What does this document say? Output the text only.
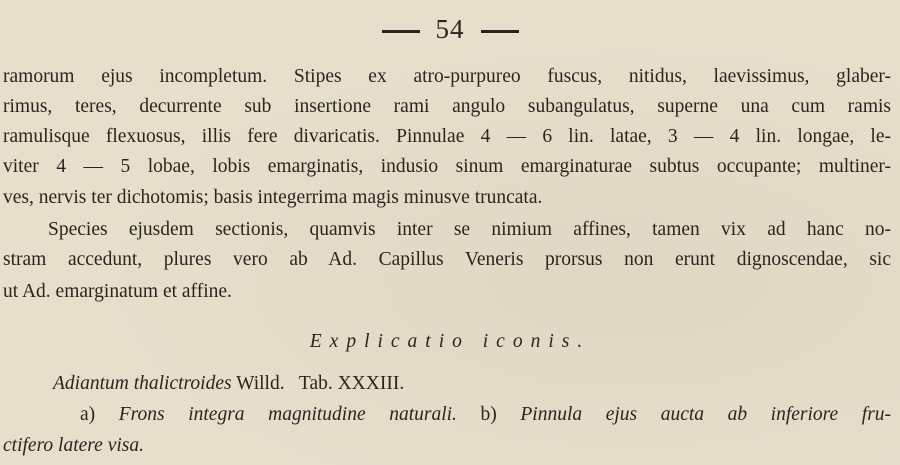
54
ramorum ejus incompletum. Stipes ex atro-purpureo fuscus, nitidus, laevissimus, glaber-
rimus, teres, decurrente sub insertione rami angulo subangulatus, superne una cum ramis
ramulisque flexuosus, illis fere divaricatis. Pinnulae 4 — 6 lin. latae, 3 — 4 lin. longae, le-
viter 4 — 5 lobae, lobis emarginatis, indusio sinum emarginaturae subtus occupante; multiner-
ves, nervis ter dichotomis; basis integerrima magis minusve truncata.
Species ejusdem sectionis, quamvis inter se nimium affines, tamen vix ad hanc no-
stram accedunt, plures vero ab Ad. Capillus Veneris prorsus non erunt dignoscendae, sic
ut Ad. emarginatum et affine.
Explicatio iconis.
Adiantum thalictroides Willd. Tab. XXXIII.
a) Frons integra magnitudine naturali. b) Pinnula ejus aucta ab inferiore fru-
ctifero latere visa.
